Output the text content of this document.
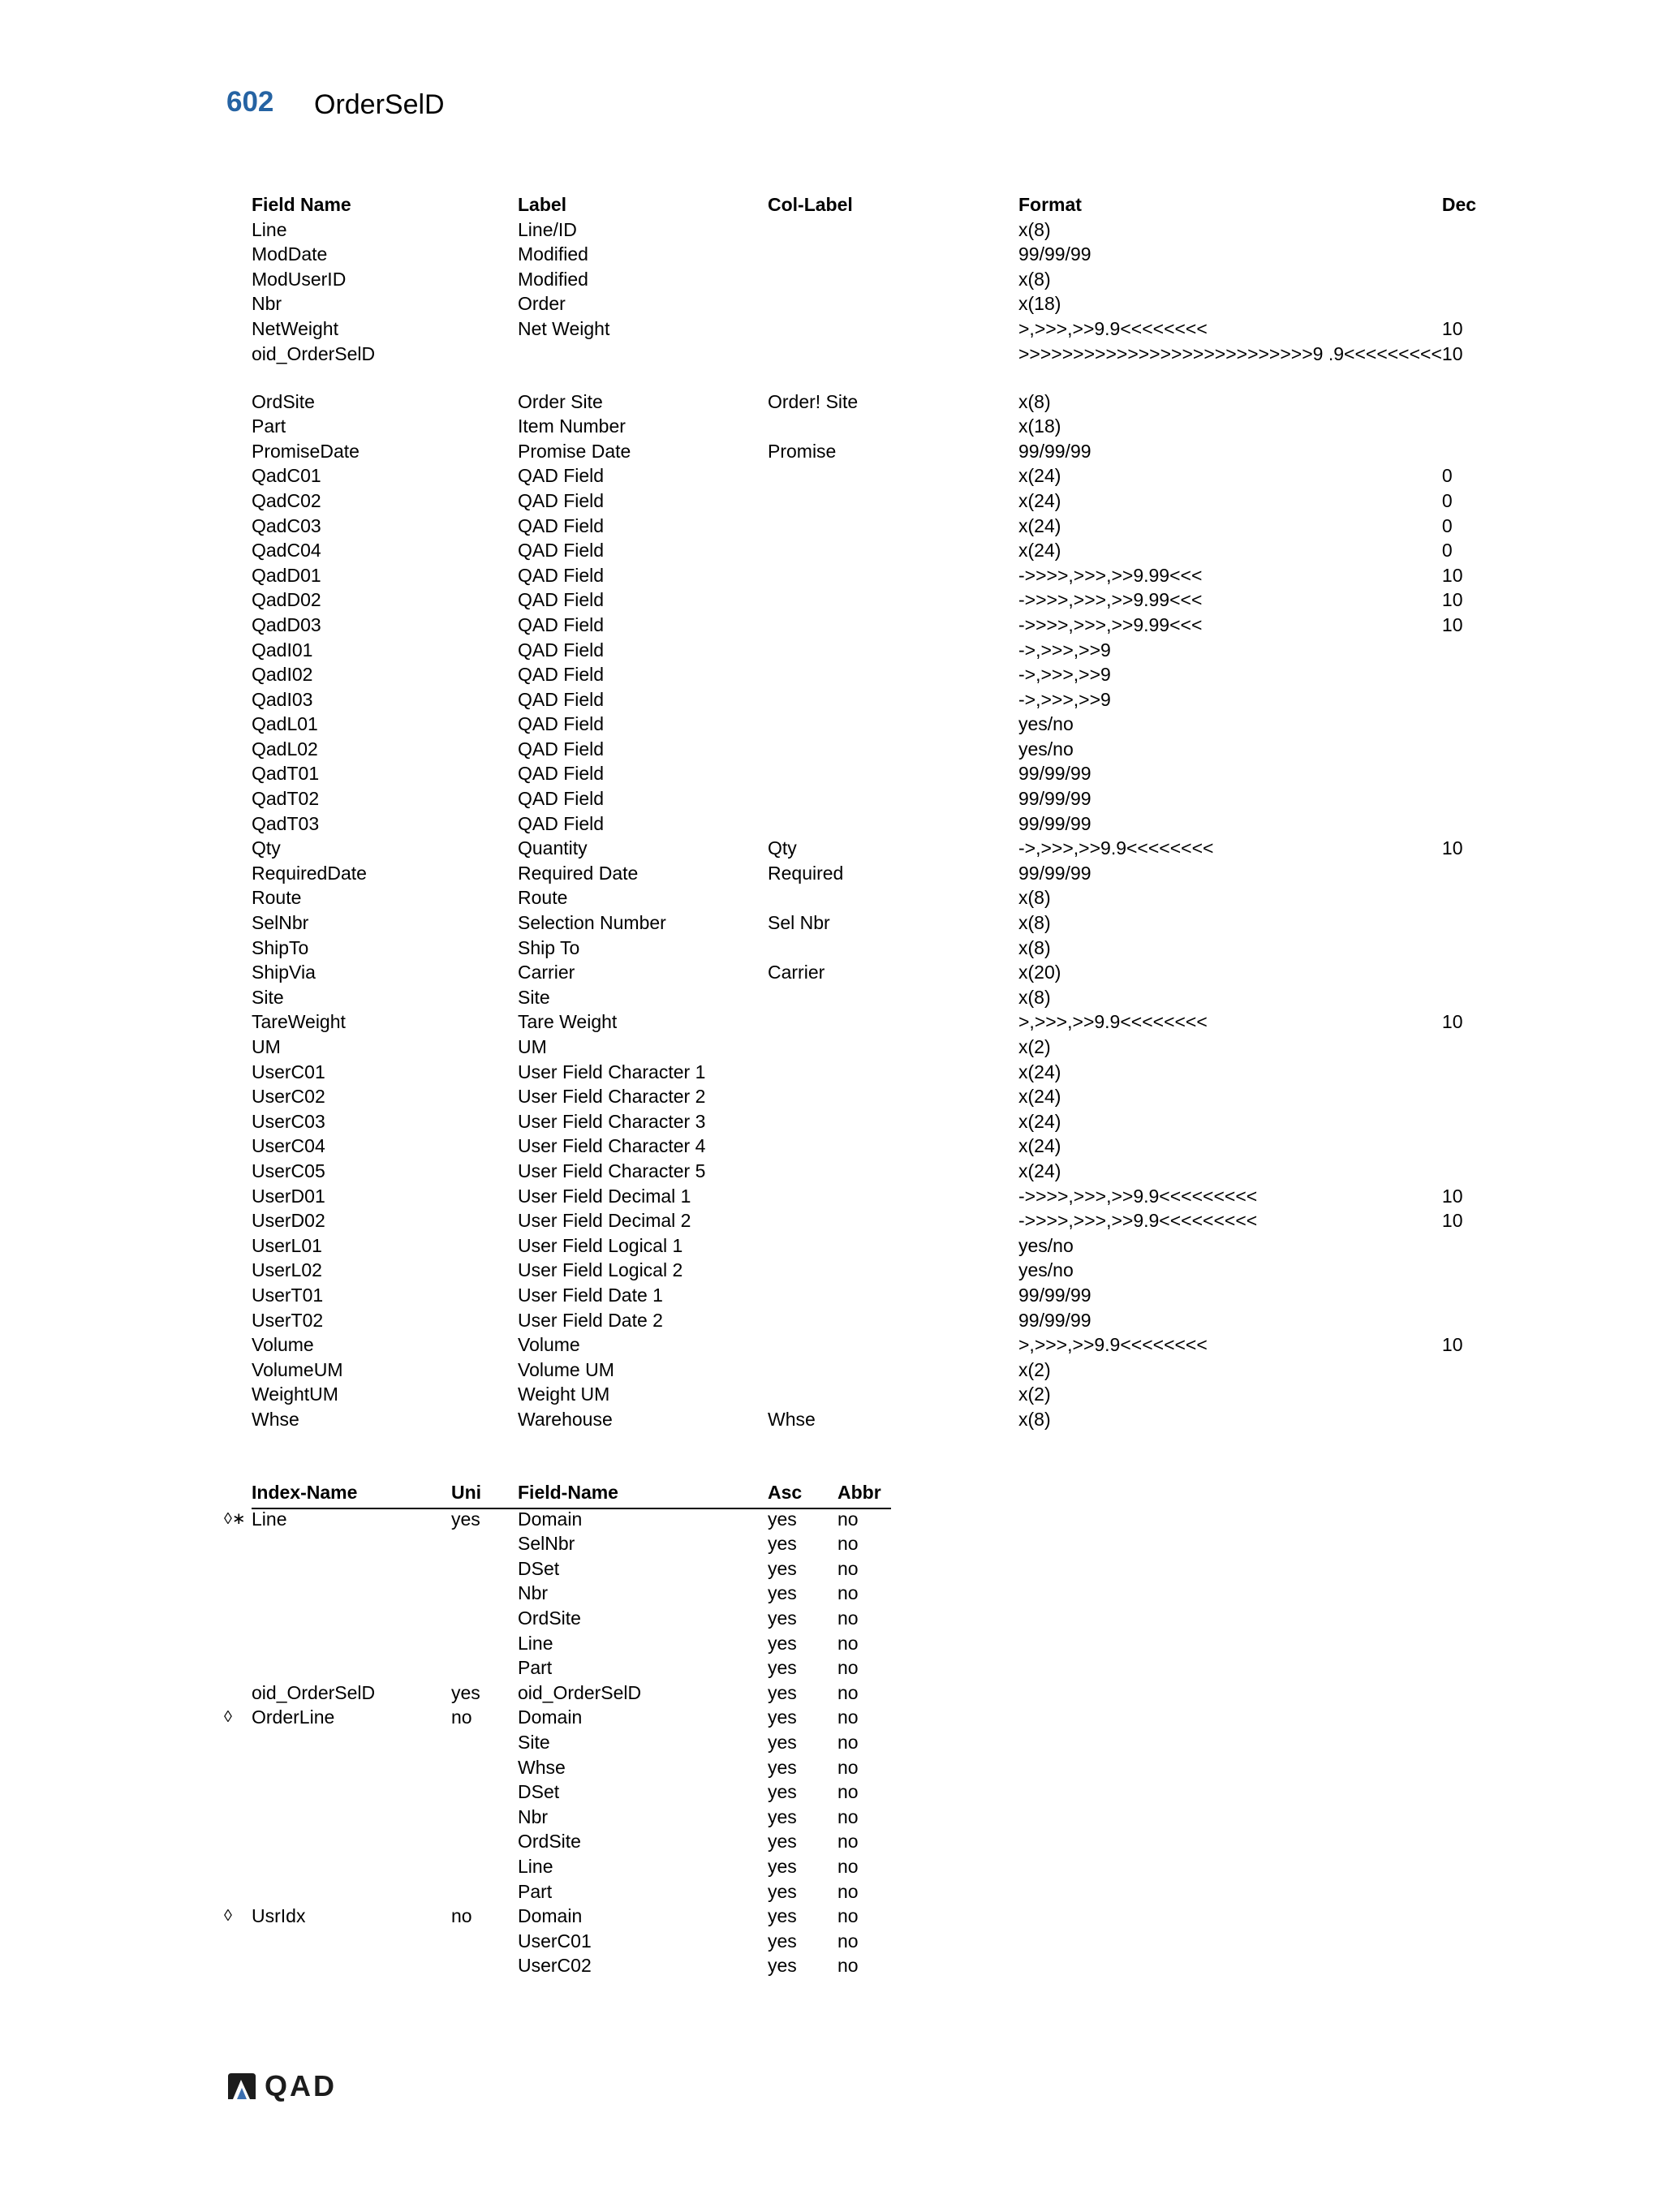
602 OrderSelD
Field Name	Label	Col-Label	Format	Dec
Line	Line/ID		x(8)	
ModDate	Modified		99/99/99	
ModUserID	Modified		x(8)	
Nbr	Order		x(18)	
NetWeight	Net Weight		>,>>>,>>9.9<<<<<<<<	10
oid_OrderSelD			>>>>>>>>>>>>>>>>>>>>>>>>>>>9 .9<<<<<<<<<	10
OrdSite	Order Site	Order! Site	x(8)	
Part	Item Number		x(18)	
PromiseDate	Promise Date	Promise	99/99/99	
QadC01	QAD Field		x(24)	0
QadC02	QAD Field		x(24)	0
QadC03	QAD Field		x(24)	0
QadC04	QAD Field		x(24)	0
QadD01	QAD Field		->>>>,>>>,>>9.99<<<	10
QadD02	QAD Field		->>>>,>>>,>>9.99<<<	10
QadD03	QAD Field		->>>>,>>>,>>9.99<<<	10
QadI01	QAD Field		->,>>>,>>9	
QadI02	QAD Field		->,>>>,>>9	
QadI03	QAD Field		->,>>>,>>9	
QadL01	QAD Field		yes/no	
QadL02	QAD Field		yes/no	
QadT01	QAD Field		99/99/99	
QadT02	QAD Field		99/99/99	
QadT03	QAD Field		99/99/99	
Qty	Quantity	Qty	->,>>>,>>9.9<<<<<<<<	10
RequiredDate	Required Date	Required	99/99/99	
Route	Route		x(8)	
SelNbr	Selection Number	Sel Nbr	x(8)	
ShipTo	Ship To		x(8)	
ShipVia	Carrier	Carrier	x(20)	
Site	Site		x(8)	
TareWeight	Tare Weight		>,>>>,>>9.9<<<<<<<<	10
UM	UM		x(2)	
UserC01	User Field Character 1		x(24)	
UserC02	User Field Character 2		x(24)	
UserC03	User Field Character 3		x(24)	
UserC04	User Field Character 4		x(24)	
UserC05	User Field Character 5		x(24)	
UserD01	User Field Decimal 1		->>>>,>>>,>>9.9<<<<<<<<<	10
UserD02	User Field Decimal 2		->>>>,>>>,>>9.9<<<<<<<<<	10
UserL01	User Field Logical 1		yes/no	
UserL02	User Field Logical 2		yes/no	
UserT01	User Field Date 1		99/99/99	
UserT02	User Field Date 2		99/99/99	
Volume	Volume		>,>>>,>>9.9<<<<<<<<	10
VolumeUM	Volume UM		x(2)	
WeightUM	Weight UM		x(2)	
Whse	Warehouse	Whse	x(8)	
Index-Name	Uni	Field-Name	Asc	Abbr

◊∗ Line	yes	Domain	yes	no
		SelNbr	yes	no
		DSet	yes	no
		Nbr	yes	no
		OrdSite	yes	no
		Line	yes	no
		Part	yes	no
oid_OrderSelD	yes	oid_OrderSelD	yes	no

◊ OrderLine	no	Domain	yes	no
		Site	yes	no
		Whse	yes	no
		DSet	yes	no
		Nbr	yes	no
		OrdSite	yes	no
		Line	yes	no
		Part	yes	no

◊ UsrIdx	no	Domain	yes	no
		UserC01	yes	no
		UserC02	yes	no
QAD
